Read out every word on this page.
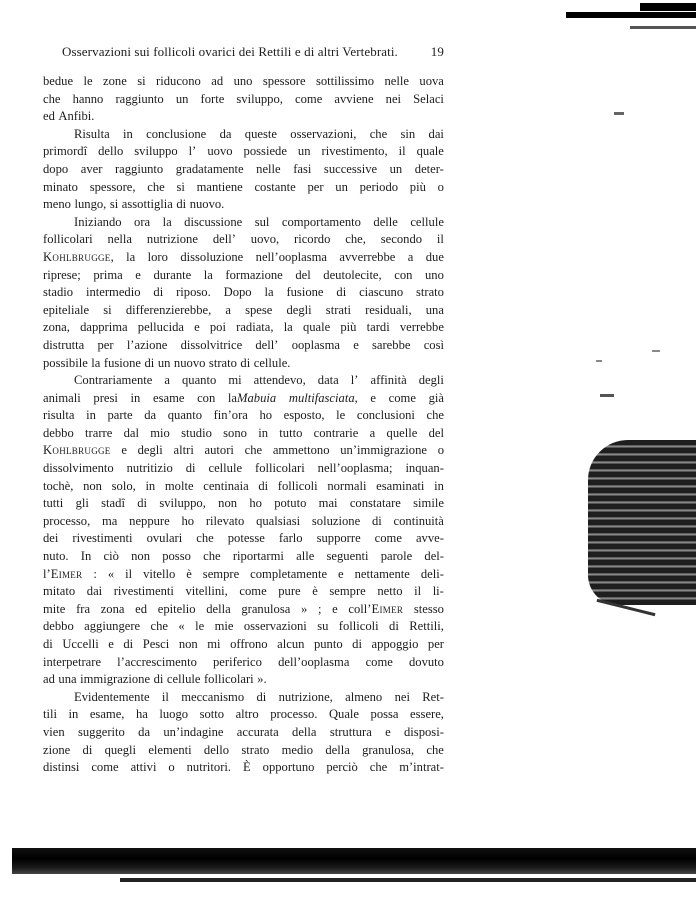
Osservazioni sui follicoli ovarici dei Rettili e di altri Vertebrati.	19
bedue le zone si riducono ad uno spessore sottilissimo nelle uova
che hanno raggiunto un forte sviluppo, come avviene nei Selaci
ed Anfibi.
Risulta in conclusione da queste osservazioni, che sin dai
primordî dello sviluppo l’ uovo possiede un rivestimento, il quale
dopo aver raggiunto gradatamente nelle fasi successive un deter-
minato spessore, che si mantiene costante per un periodo più o
meno lungo, si assottiglia di nuovo.
Iniziando ora la discussione sul comportamento delle cellule
follicolari nella nutrizione dell’ uovo, ricordo che, secondo il
Kohlbrugge, la loro dissoluzione nell’ooplasma avverrebbe a due
riprese; prima e durante la formazione del deutolecite, con uno
stadio intermedio di riposo. Dopo la fusione di ciascuno strato
epiteliale si differenzierebbe, a spese degli strati residuali, una
zona, dapprima pellucida e poi radiata, la quale più tardi verrebbe
distrutta per l’azione dissolvitrice dell’ ooplasma e sarebbe così
possibile la fusione di un nuovo strato di cellule.
Contrariamente a quanto mi attendevo, data l’ affinità degli
animali presi in esame con laMabuia multifasciata, e come già
risulta in parte da quanto fin’ora ho esposto, le conclusioni che
debbo trarre dal mio studio sono in tutto contrarie a quelle del
Kohlbrugge e degli altri autori che ammettono un’immigrazione o
dissolvimento nutritizio di cellule follicolari nell’ooplasma; inquan-
tochè, non solo, in molte centinaia di follicoli normali esaminati in
tutti gli stadî di sviluppo, non ho potuto mai constatare simile
processo, ma neppure ho rilevato qualsiasi soluzione di continuità
dei rivestimenti ovulari che potesse farlo supporre come avve-
nuto. In ciò non posso che riportarmi alle seguenti parole del-
l’Eimer : « il vitello è sempre completamente e nettamente deli-
mitato dai rivestimenti vitellini, come pure è sempre netto il li-
mite fra zona ed epitelio della granulosa » ; e coll’Eimer stesso
debbo aggiungere che « le mie osservazioni su follicoli di Rettili,
di Uccelli e di Pesci non mi offrono alcun punto di appoggio per
interpetrare l’accrescimento periferico dell’ooplasma come dovuto
ad una immigrazione di cellule follicolari ».
Evidentemente il meccanismo di nutrizione, almeno nei Ret-
tili in esame, ha luogo sotto altro processo. Quale possa essere,
vien suggerito da un’indagine accurata della struttura e disposi-
zione di quegli elementi dello strato medio della granulosa, che
distinsi come attivi o nutritori. È opportuno perciò che m’intrat-
